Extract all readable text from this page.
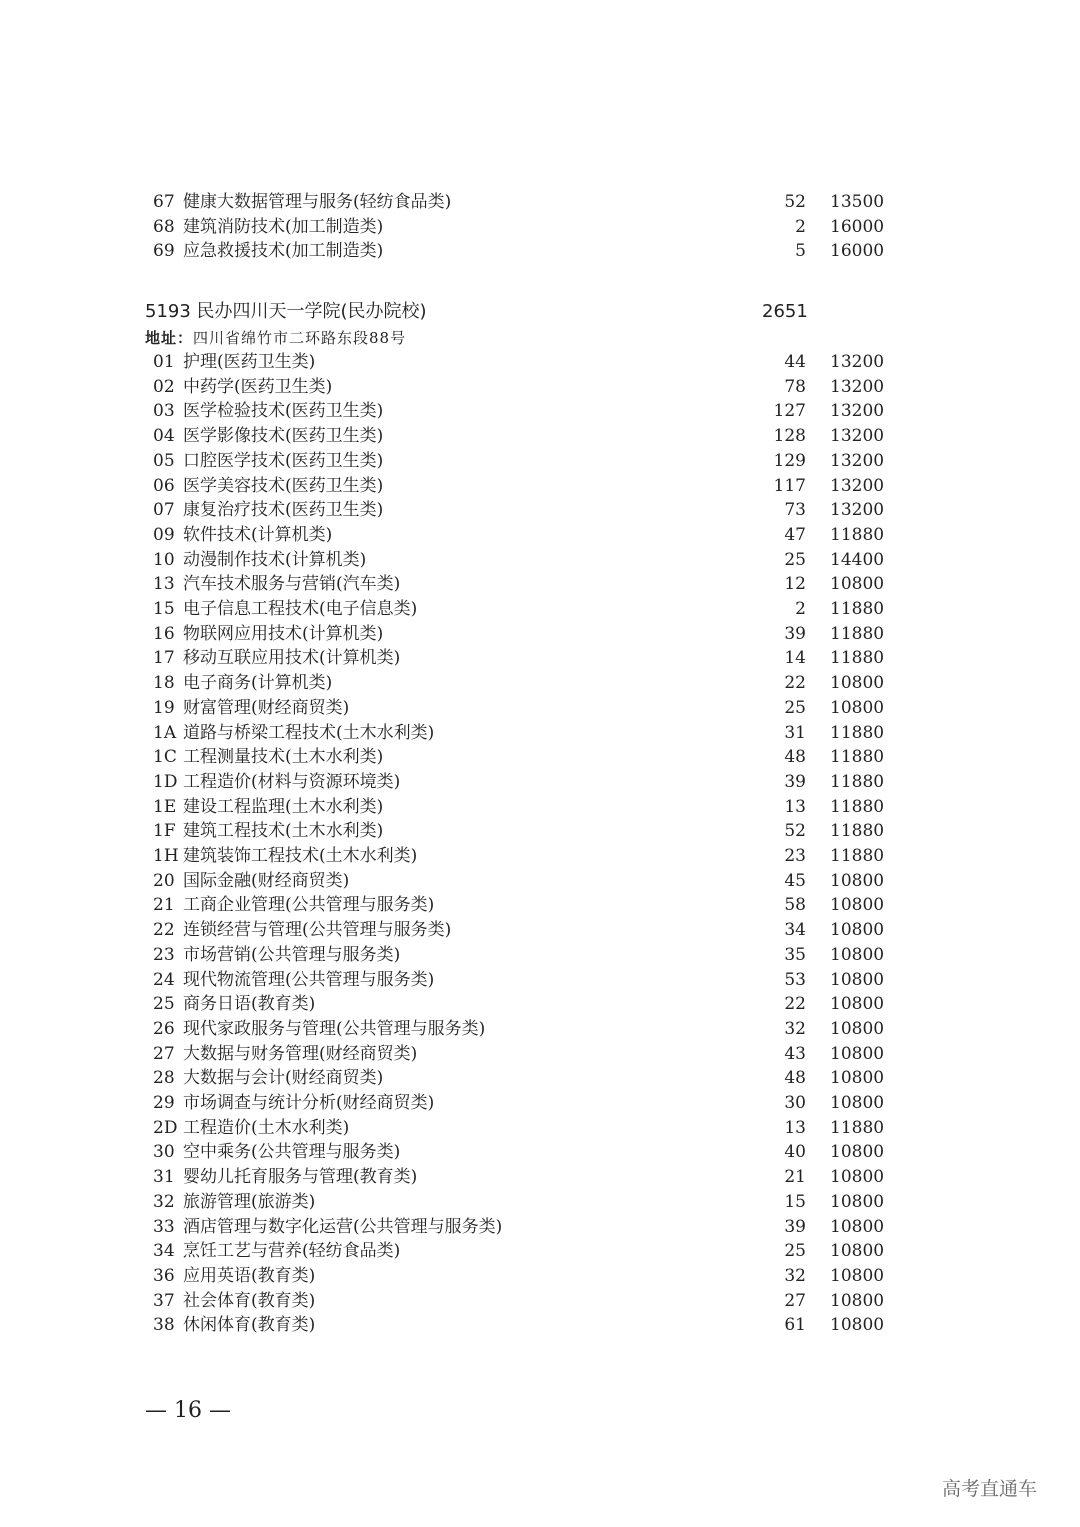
67 健康大数据管理与服务(轻纺食品类)	52 13500
68 建筑消防技术(加工制造类)	2 16000
69 应急救援技术(加工制造类)	5 16000
5193 民办四川天一学院(民办院校)	2651
地址：四川省绵竹市二环路东段88号
01 护理(医药卫生类)	44 13200
02 中药学(医药卫生类)	78 13200
03 医学检验技术(医药卫生类)	127 13200
04 医学影像技术(医药卫生类)	128 13200
05 口腔医学技术(医药卫生类)	129 13200
06 医学美容技术(医药卫生类)	117 13200
07 康复治疗技术(医药卫生类)	73 13200
09 软件技术(计算机类)	47 11880
10 动漫制作技术(计算机类)	25 14400
13 汽车技术服务与营销(汽车类)	12 10800
15 电子信息工程技术(电子信息类)	2 11880
16 物联网应用技术(计算机类)	39 11880
17 移动互联应用技术(计算机类)	14 11880
18 电子商务(计算机类)	22 10800
19 财富管理(财经商贸类)	25 10800
1A 道路与桥梁工程技术(土木水利类)	31 11880
1C 工程测量技术(土木水利类)	48 11880
1D 工程造价(材料与资源环境类)	39 11880
1E 建设工程监理(土木水利类)	13 11880
1F 建筑工程技术(土木水利类)	52 11880
1H 建筑装饰工程技术(土木水利类)	23 11880
20 国际金融(财经商贸类)	45 10800
21 工商企业管理(公共管理与服务类)	58 10800
22 连锁经营与管理(公共管理与服务类)	34 10800
23 市场营销(公共管理与服务类)	35 10800
24 现代物流管理(公共管理与服务类)	53 10800
25 商务日语(教育类)	22 10800
26 现代家政服务与管理(公共管理与服务类)	32 10800
27 大数据与财务管理(财经商贸类)	43 10800
28 大数据与会计(财经商贸类)	48 10800
29 市场调查与统计分析(财经商贸类)	30 10800
2D 工程造价(土木水利类)	13 11880
30 空中乘务(公共管理与服务类)	40 10800
31 婴幼儿托育服务与管理(教育类)	21 10800
32 旅游管理(旅游类)	15 10800
33 酒店管理与数字化运营(公共管理与服务类)	39 10800
34 烹饪工艺与营养(轻纺食品类)	25 10800
36 应用英语(教育类)	32 10800
37 社会体育(教育类)	27 10800
38 休闲体育(教育类)	61 10800
— 16 —
高考直通车
